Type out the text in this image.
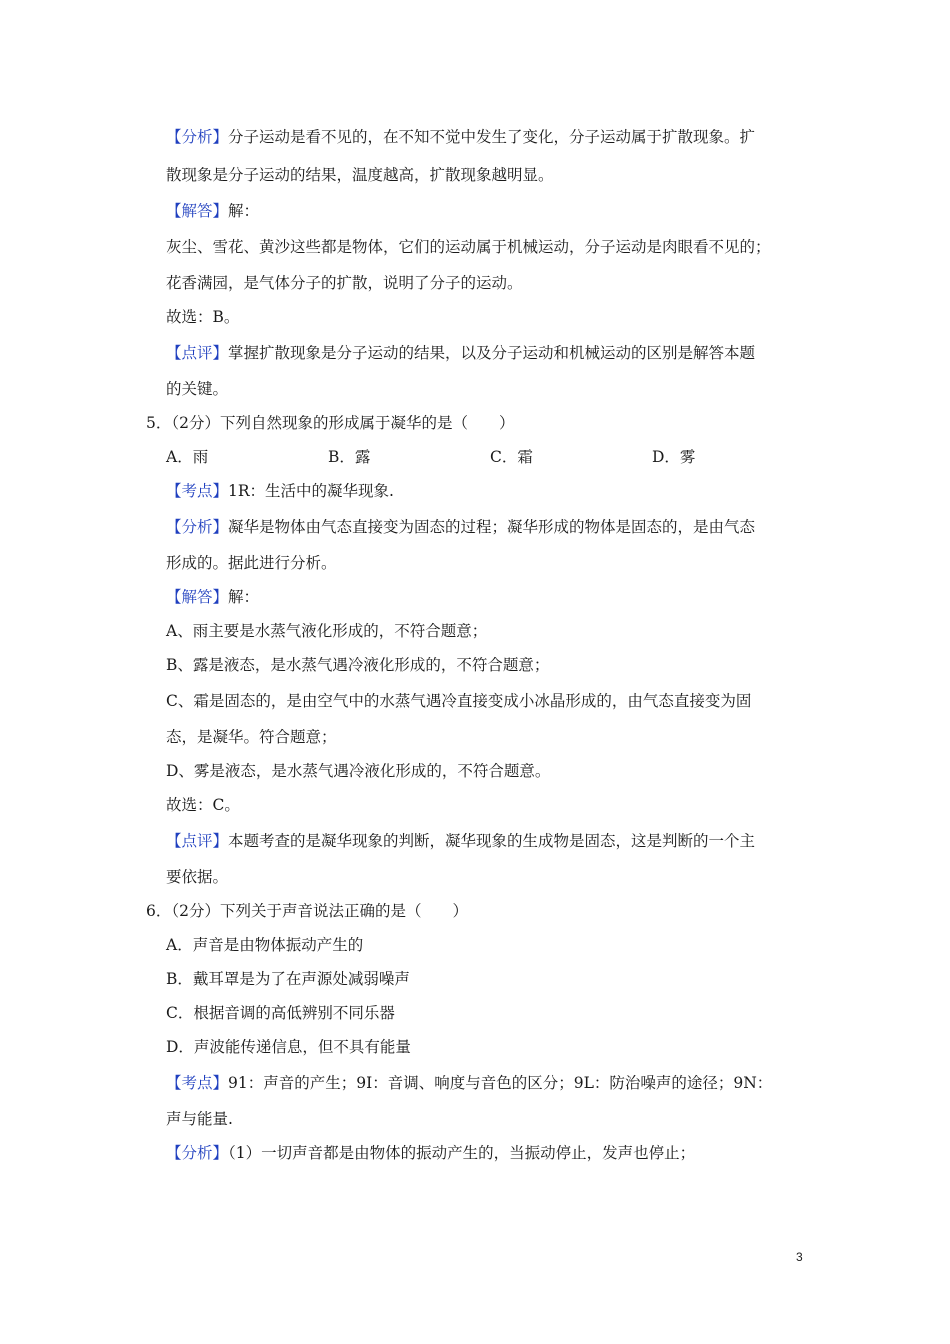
【分析】分子运动是看不见的，在不知不觉中发生了变化，分子运动属于扩散现象。扩
散现象是分子运动的结果，温度越高，扩散现象越明显。
【解答】解：
灰尘、雪花、黄沙这些都是物体，它们的运动属于机械运动，分子运动是肉眼看不见的；
花香满园，是气体分子的扩散，说明了分子的运动。
故选：B。
【点评】掌握扩散现象是分子运动的结果，以及分子运动和机械运动的区别是解答本题
的关键。
5．（2分）下列自然现象的形成属于凝华的是（　　）
A．雨	B．露	C．霜	D．雾
【考点】1R：生活中的凝华现象.
【分析】凝华是物体由气态直接变为固态的过程；凝华形成的物体是固态的，是由气态
形成的。据此进行分析。
【解答】解：
A、雨主要是水蒸气液化形成的，不符合题意；
B、露是液态，是水蒸气遇冷液化形成的，不符合题意；
C、霜是固态的，是由空气中的水蒸气遇冷直接变成小冰晶形成的，由气态直接变为固
态，是凝华。符合题意；
D、雾是液态，是水蒸气遇冷液化形成的，不符合题意。
故选：C。
【点评】本题考查的是凝华现象的判断，凝华现象的生成物是固态，这是判断的一个主
要依据。
6．（2分）下列关于声音说法正确的是（　　）
A．声音是由物体振动产生的
B．戴耳罩是为了在声源处减弱噪声
C．根据音调的高低辨别不同乐器
D．声波能传递信息，但不具有能量
【考点】91：声音的产生；9I：音调、响度与音色的区分；9L：防治噪声的途径；9N：
声与能量.
【分析】（1）一切声音都是由物体的振动产生的，当振动停止，发声也停止；
3
